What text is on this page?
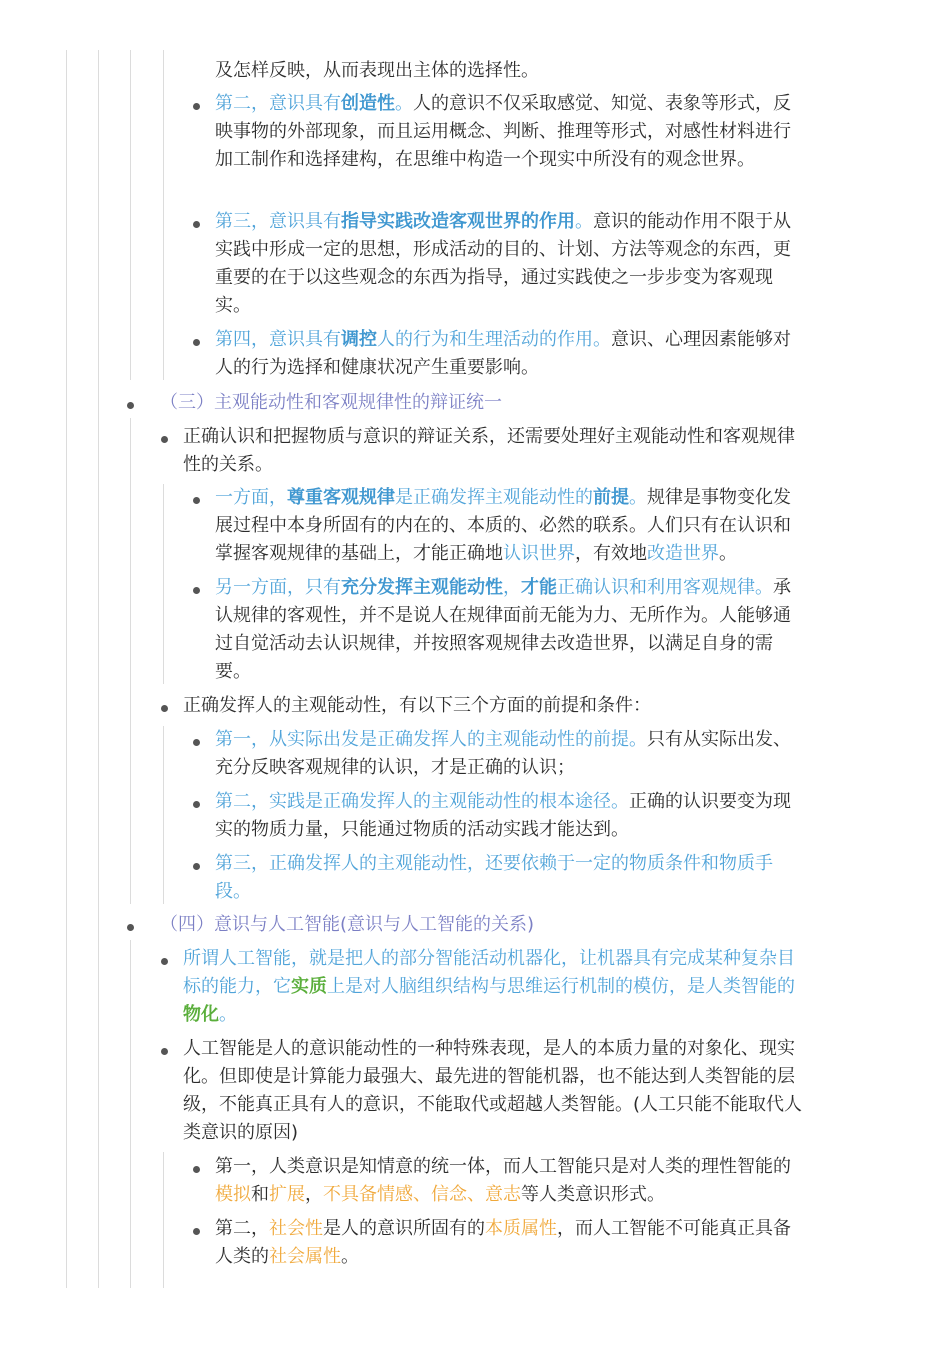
及怎样反映，从而表现出主体的选择性。
第二，意识具有创造性。人的意识不仅采取感觉、知觉、表象等形式，反映事物的外部现象，而且运用概念、判断、推理等形式，对感性材料进行加工制作和选择建构，在思维中构造一个现实中所没有的观念世界。
第三，意识具有指导实践改造客观世界的作用。意识的能动作用不限于从实践中形成一定的思想，形成活动的目的、计划、方法等观念的东西，更重要的在于以这些观念的东西为指导，通过实践使之一步步变为客观现实。
第四，意识具有调控人的行为和生理活动的作用。意识、心理因素能够对人的行为选择和健康状况产生重要影响。
（三）主观能动性和客观规律性的辩证统一
正确认识和把握物质与意识的辩证关系，还需要处理好主观能动性和客观规律性的关系。
一方面，尊重客观规律是正确发挥主观能动性的前提。规律是事物变化发展过程中本身所固有的内在的、本质的、必然的联系。人们只有在认识和掌握客观规律的基础上，才能正确地认识世界，有效地改造世界。
另一方面，只有充分发挥主观能动性，才能正确认识和利用客观规律。承认规律的客观性，并不是说人在规律面前无能为力、无所作为。人能够通过自觉活动去认识规律，并按照客观规律去改造世界，以满足自身的需要。
正确发挥人的主观能动性，有以下三个方面的前提和条件：
第一，从实际出发是正确发挥人的主观能动性的前提。只有从实际出发、充分反映客观规律的认识，才是正确的认识；
第二，实践是正确发挥人的主观能动性的根本途径。正确的认识要变为现实的物质力量，只能通过物质的活动实践才能达到。
第三，正确发挥人的主观能动性，还要依赖于一定的物质条件和物质手段。
（四）意识与人工智能(意识与人工智能的关系)
所谓人工智能，就是把人的部分智能活动机器化，让机器具有完成某种复杂目标的能力，它实质上是对人脑组织结构与思维运行机制的模仿，是人类智能的物化。
人工智能是人的意识能动性的一种特殊表现，是人的本质力量的对象化、现实化。但即使是计算能力最强大、最先进的智能机器，也不能达到人类智能的层级，不能真正具有人的意识，不能取代或超越人类智能。(人工只能不能取代人类意识的原因)
第一，人类意识是知情意的统一体，而人工智能只是对人类的理性智能的模拟和扩展，不具备情感、信念、意志等人类意识形式。
第二，社会性是人的意识所固有的本质属性，而人工智能不可能真正具备人类的社会属性。
